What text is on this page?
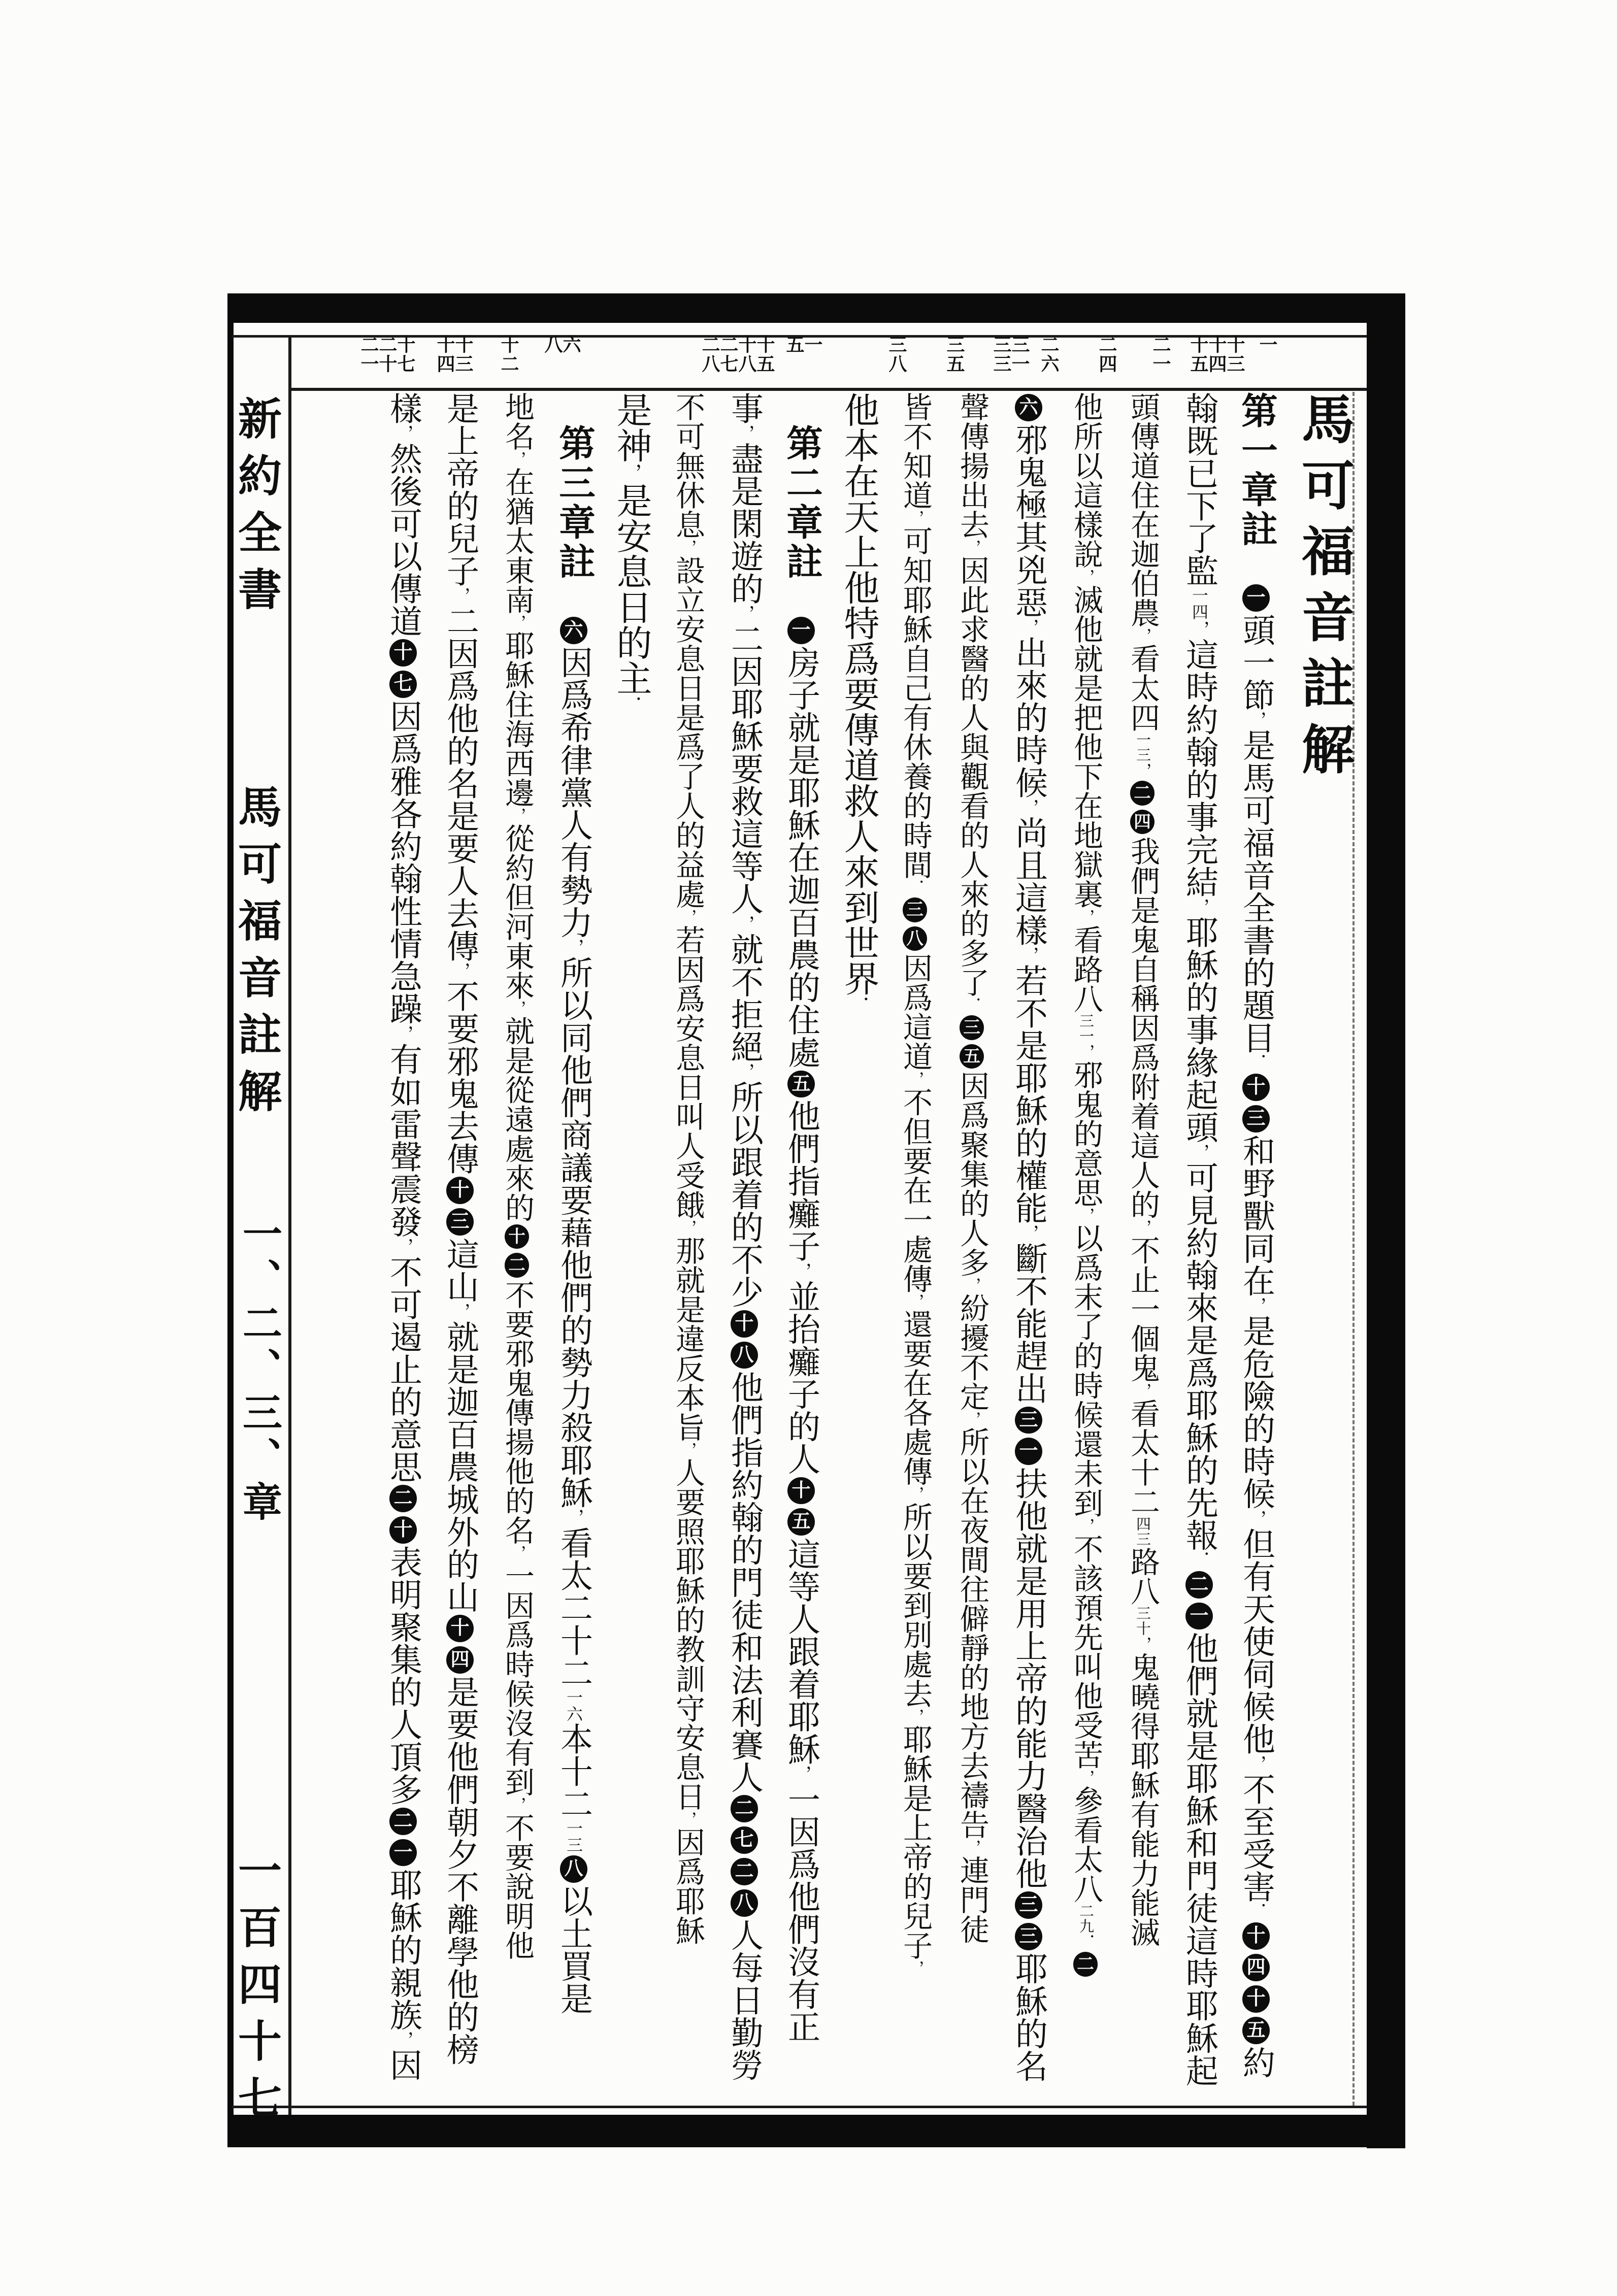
一
十三
十四
十五
二一
二四
二六
三一
三三
三五
三八
一
五
十五
十八
二七
二八
六
八
十二
十三
十四
十七
二十
二一
新約全書
馬可福音註解
一、二、三、章
一百四十七
馬可福音註解
第一章註　一頭一節，是馬可福音全書的題目．十三和野獸同在，是危險的時候，但有天使伺候他，不至受害．十四十五約
翰既已下了監一四，這時約翰的事完結，耶穌的事緣起頭，可見約翰來是爲耶穌的先報．二一他們就是耶穌和門徒這時耶穌起
頭傳道住在迦伯農，看太四一三，二四我們是鬼自稱因爲附着這人的，不止一個鬼，看太十二四三路八三十，鬼曉得耶穌有能力能滅
他所以這樣說，滅他就是把他下在地獄裏，看路八三一，邪鬼的意思，以爲末了的時候還未到，不該預先叫他受苦，參看太八二九．二
六邪鬼極其兇惡，出來的時候，尚且這樣，若不是耶穌的權能，斷不能趕出三一扶他就是用上帝的能力醫治他三三耶穌的名
聲傳揚出去，因此求醫的人與觀看的人來的多了．三五因爲聚集的人多，紛擾不定，所以在夜間往僻靜的地方去禱告，連門徒
皆不知道，可知耶穌自己有休養的時間．三八因爲這道，不但要在一處傳，還要在各處傳，所以要到別處去，耶穌是上帝的兒子，
他本在天上他特爲要傳道救人來到世界．
　第二章註　一房子就是耶穌在迦百農的住處五他們指癱子，並抬癱子的人十五這等人跟着耶穌，一因爲他們沒有正
事，盡是閑遊的，二因耶穌要救這等人，就不拒絕，所以跟着的不少十八他們指約翰的門徒和法利賽人二七二八人每日勤勞
不可無休息，設立安息日是爲了人的益處，若因爲安息日叫人受餓，那就是違反本旨，人要照耶穌的教訓守安息日，因爲耶穌
是神，是安息日的主．
　第三章註　六因爲希律黨人有勢力，所以同他們商議要藉他們的勢力殺耶穌，看太二十二一六本十二一三八以土買是
地名，在猶太東南，耶穌住海西邊，從約但河東來，就是從遠處來的十二不要邪鬼傳揚他的名，一因爲時候沒有到，不要說明他
是上帝的兒子，二因爲他的名是要人去傳，不要邪鬼去傳十三這山，就是迦百農城外的山十四是要他們朝夕不離學他的榜
樣，然後可以傳道十七因爲雅各約翰性情急躁，有如雷聲震發，不可遏止的意思二十表明聚集的人頂多二一耶穌的親族，因
